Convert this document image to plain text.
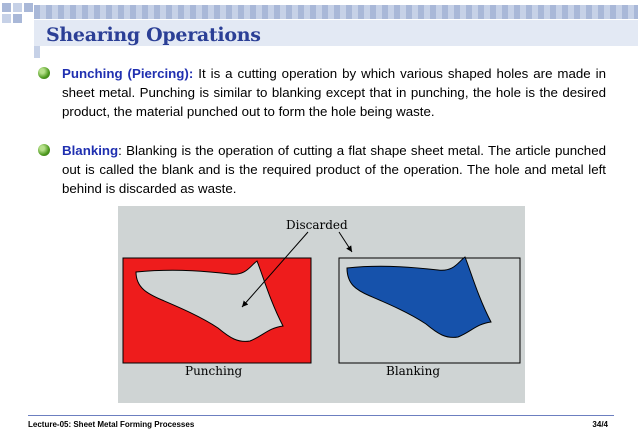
Shearing Operations
Punching (Piercing): It is a cutting operation by which various shaped holes are made in sheet metal. Punching is similar to blanking except that in punching, the hole is the desired product, the material punched out to form the hole being waste.
Blanking: Blanking is the operation of cutting a flat shape sheet metal. The article punched out is called the blank and is the required product of the operation. The hole and metal left behind is discarded as waste.
Discarded
Punching	Blanking
Lecture-05: Sheet Metal Forming Processes	34/4
